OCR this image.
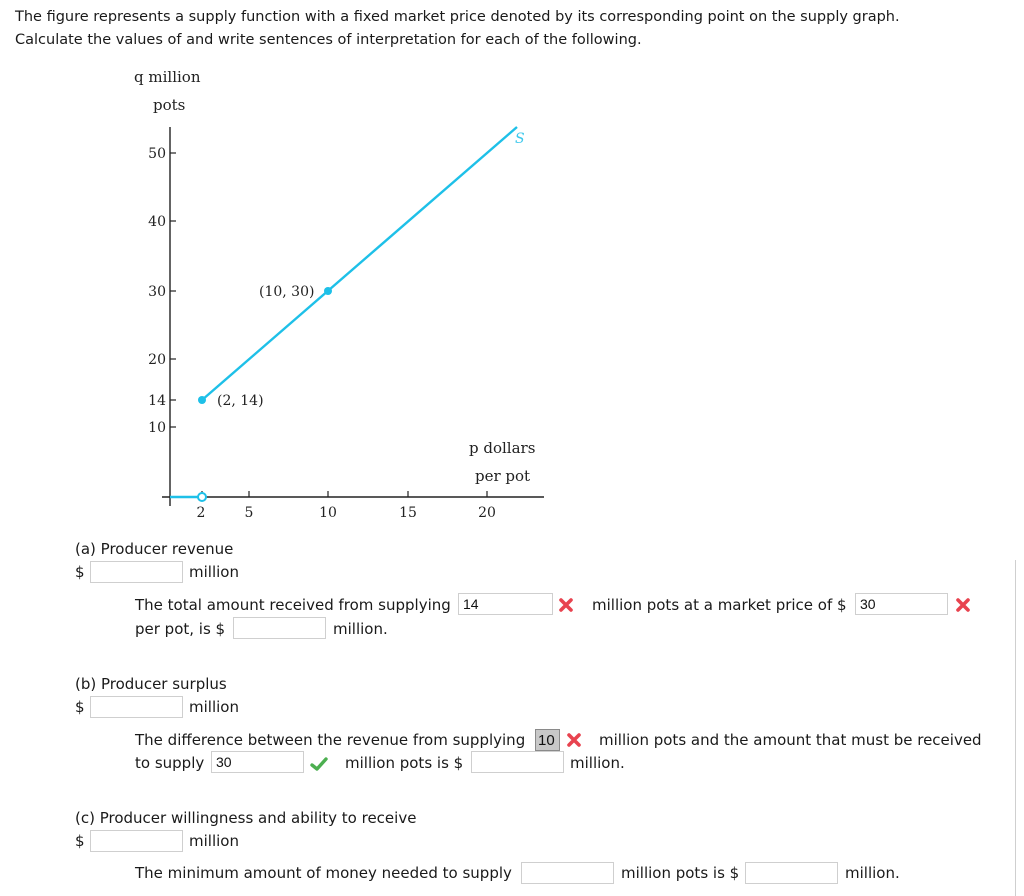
The figure represents a supply function with a fixed market price denoted by its corresponding point on the supply graph.
Calculate the values of and write sentences of interpretation for each of the following.
q million
pots
p dollars
per pot
50
40
30
20
14
10
2	5	10	15	20
(2, 14)
(10, 30)
S
(a) Producer revenue
$	million
The total amount received from supplying
14	million pots at a market price of $
30
per pot, is $	million.
(b) Producer surplus
$	million
The difference between the revenue from supplying
10	million pots and the amount that must be received
to supply
30	million pots is $	million.
(c) Producer willingness and ability to receive
$	million
The minimum amount of money needed to supply	million pots is $	million.
